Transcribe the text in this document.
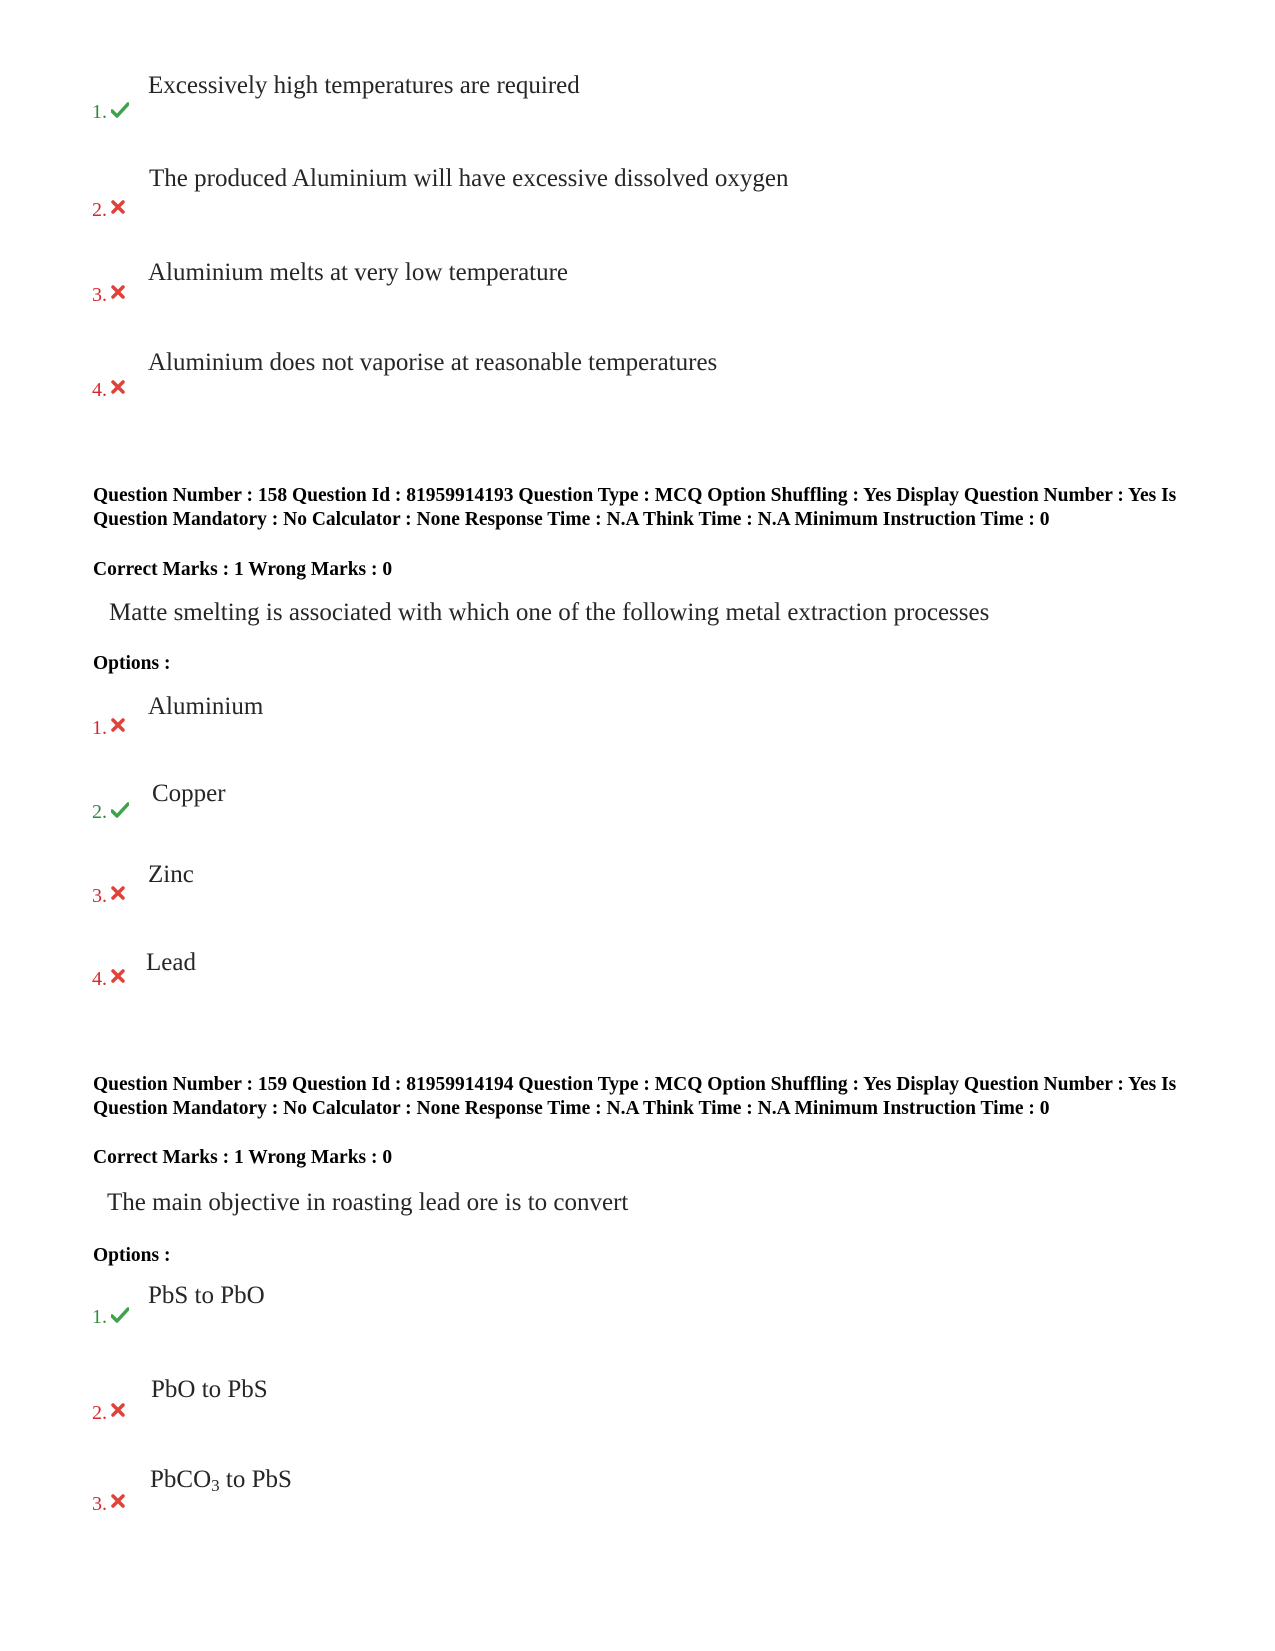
1.
Excessively high temperatures are required
2.
The produced Aluminium will have excessive dissolved oxygen
3.
Aluminium melts at very low temperature
4.
Aluminium does not vaporise at reasonable temperatures
Question Number : 158 Question Id : 81959914193 Question Type : MCQ Option Shuffling : Yes Display Question Number : Yes Is Question Mandatory : No Calculator : None Response Time : N.A Think Time : N.A Minimum Instruction Time : 0
Correct Marks : 1 Wrong Marks : 0
Matte smelting is associated with which one of the following metal extraction processes
Options :
1.
Aluminium
2.
Copper
3.
Zinc
4.
Lead
Question Number : 159 Question Id : 81959914194 Question Type : MCQ Option Shuffling : Yes Display Question Number : Yes Is Question Mandatory : No Calculator : None Response Time : N.A Think Time : N.A Minimum Instruction Time : 0
Correct Marks : 1 Wrong Marks : 0
The main objective in roasting lead ore is to convert
Options :
1.
PbS to PbO
2.
PbO to PbS
3.
PbCO$_3$ to PbS
